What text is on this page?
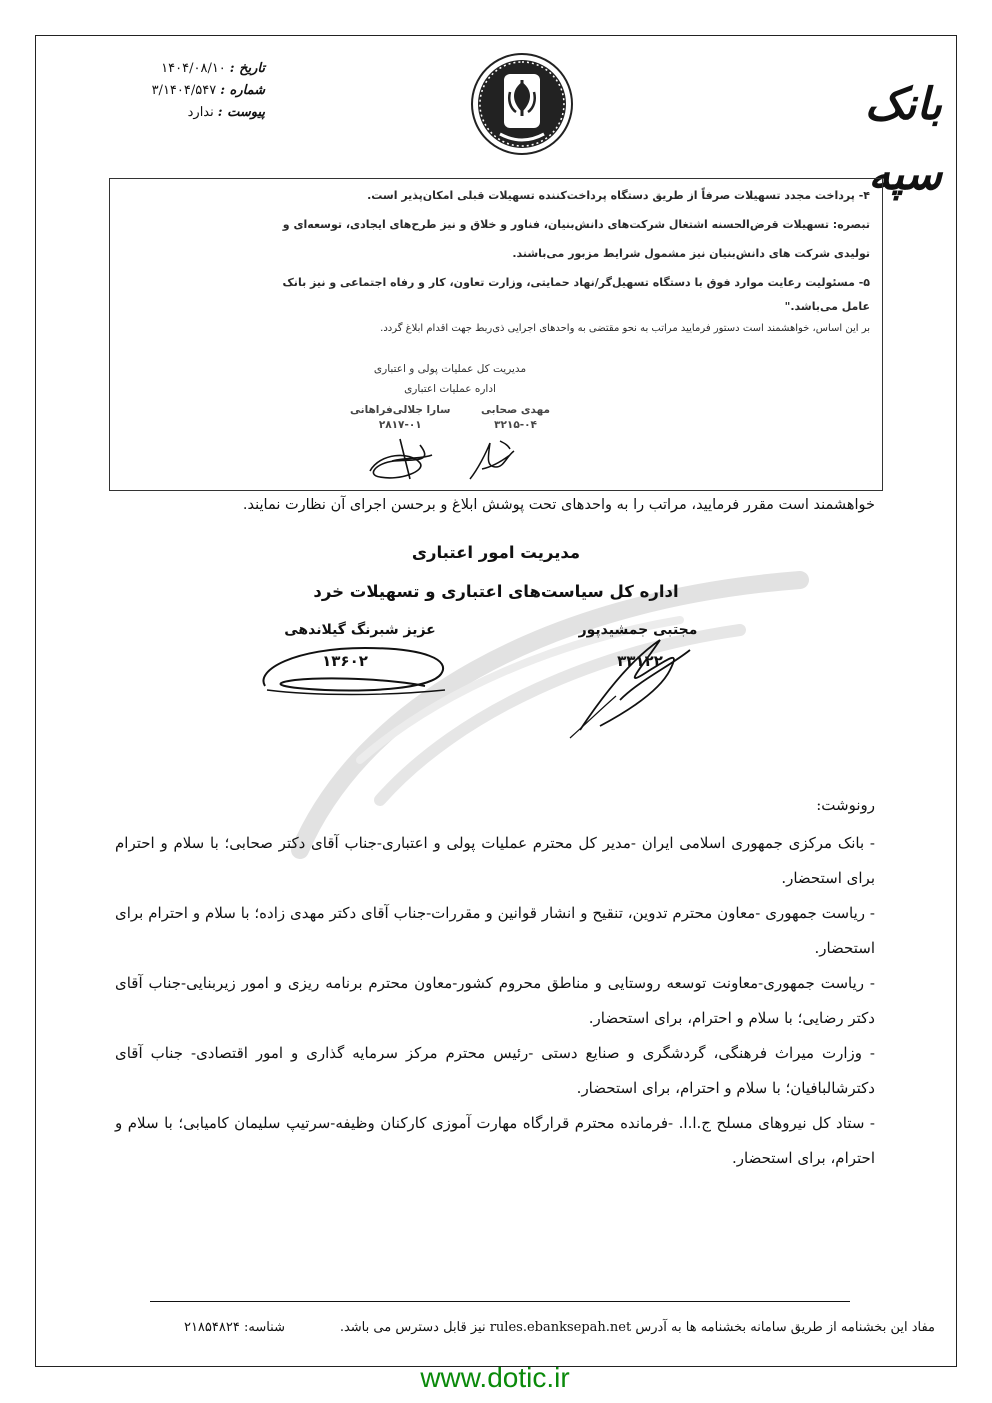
تاریخ :
۱۴۰۴/۰۸/۱۰
شماره :
۳/۱۴۰۴/۵۴۷
پیوست :
ندارد	بانک سپه

۴- پرداخت مجدد تسهیلات صرفاً از طریق دستگاه پرداخت‌کننده تسهیلات قبلی امکان‌پذیر است.

تبصره: تسهیلات قرض‌الحسنه اشتغال شرکت‌های دانش‌بنیان، فناور و خلاق و نیز طرح‌های ایجادی، توسعه‌ای و

تولیدی شرکت های دانش‌بنیان نیز مشمول شرایط مزبور می‌باشند.

۵- مسئولیت رعایت موارد فوق با دستگاه تسهیل‌گر/نهاد حمایتی، وزارت تعاون، کار و رفاه اجتماعی و نیز بانک

عامل می‌باشد."

بر این اساس، خواهشمند است دستور فرمایید مراتب به نحو مقتضی به واحدهای اجرایی ذی‌ربط جهت اقدام ابلاغ گردد.

مدیریت کل عملیات پولی و اعتباری
اداره عملیات اعتباری
مهدی صحابی
۳۲۱۵-۰۴
سارا جلالی‌فراهانی
۲۸۱۷-۰۱
خواهشمند است مقرر فرمایید، مراتب را به واحدهای تحت پوشش ابلاغ و برحسن اجرای آن نظارت نمایند.
مدیریت امور اعتباری
اداره کل سیاست‌های اعتباری و تسهیلات خرد
عزیز شبرنگ گیلاندهی	مجتبی جمشیدپور
۱۳۶۰۲	۳۳۱۲۲
رونوشت:

- بانک مرکزی جمهوری اسلامی ایران -مدیر کل محترم عملیات پولی و اعتباری-جناب آقای دکتر صحابی؛ با سلام و احترام برای استحضار.

- ریاست جمهوری -معاون محترم تدوین، تنقیح و انشار قوانین و مقررات-جناب آقای دکتر مهدی زاده؛ با سلام و احترام برای استحضار.

- ریاست جمهوری-معاونت توسعه روستایی و مناطق محروم کشور-معاون محترم برنامه ریزی و امور زیربنایی-جناب آقای دکتر رضایی؛ با سلام و احترام، برای استحضار.

- وزارت میراث فرهنگی، گردشگری و صنایع دستی -رئیس محترم مرکز سرمایه گذاری و امور اقتصادی- جناب آقای دکترشالبافیان؛ با سلام و احترام، برای استحضار.

- ستاد کل نیروهای مسلح ج.ا.ا. -فرمانده محترم قرارگاه مهارت آموزی کارکنان وظیفه-سرتیپ سلیمان کامیابی؛ با سلام و احترام، برای استحضار.

مفاد این بخشنامه از طریق سامانه بخشنامه ها به آدرس rules.ebanksepah.net نیز قابل دسترس می باشد.
شناسه: ۲۱۸۵۴۸۲۴
www.dotic.ir
